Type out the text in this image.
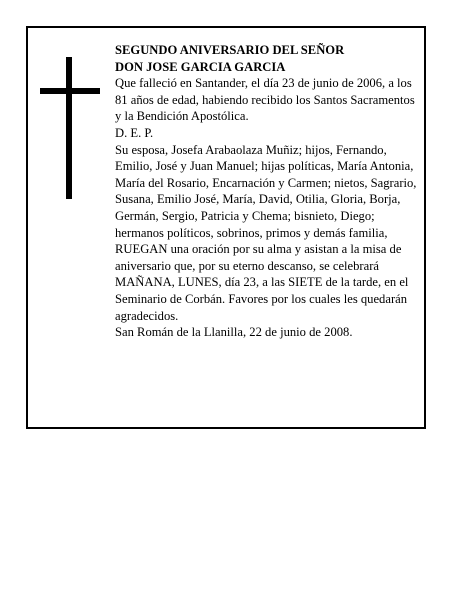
SEGUNDO ANIVERSARIO DEL SEÑOR

DON JOSE GARCIA GARCIA

Que falleció en Santander, el día 23 de junio de 2006, a los 81 años de edad, habiendo recibido los Santos Sacramentos

y la Bendición Apostólica.

D. E. P.

Su esposa, Josefa Arabaolaza Muñiz; hijos, Fernando, Emilio, José y Juan Manuel; hijas políticas, María Antonia, María del Rosario, Encarnación y Carmen; nietos, Sagrario, Susana, Emilio José, María, David, Otilia, Gloria, Borja, Germán, Sergio, Patricia y Chema; bisnieto, Diego; hermanos políticos, sobrinos, primos y demás familia,

RUEGAN una oración por su alma y asistan a la misa de aniversario que, por su eterno descanso, se celebrará MAÑANA, LUNES, día 23, a las SIETE de la tarde, en el Seminario de Corbán. Favores por los cuales les quedarán agradecidos.

San Román de la Llanilla, 22 de junio de 2008.
